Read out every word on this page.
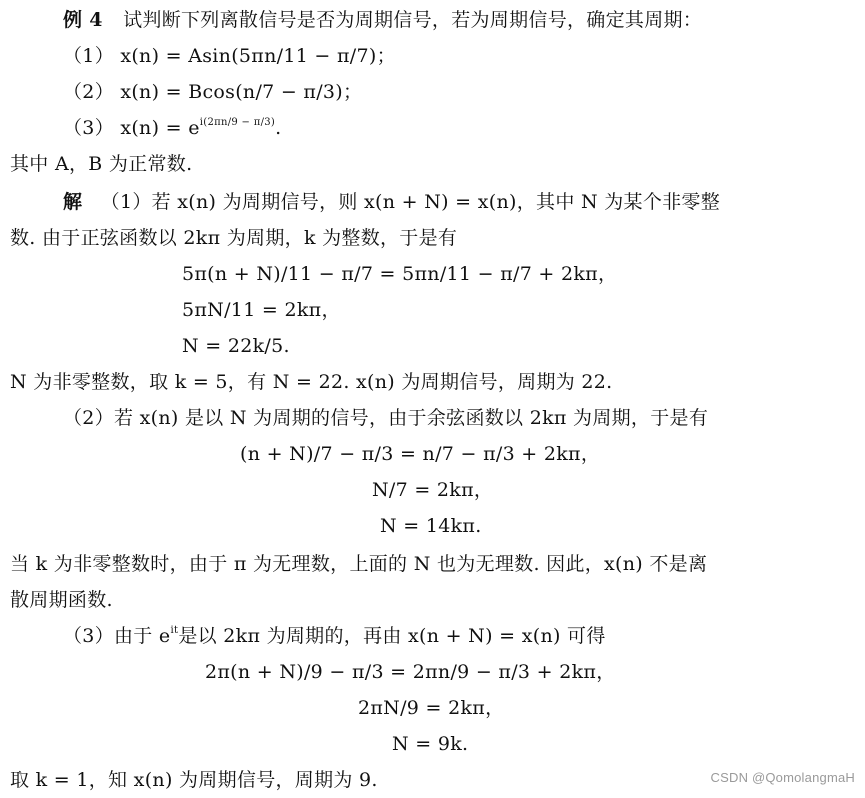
例 4 试判断下列离散信号是否为周期信号，若为周期信号，确定其周期：
（1） x(n) = Asin(5πn/11 − π/7)；
（2） x(n) = Bcos(n/7 − π/3)；
（3） $x(n) = e^{i(2\pi n/9 - \pi/3)}$.
其中 A，B 为正常数.
解 （1）若 x(n) 为周期信号，则 x(n + N) = x(n)，其中 N 为某个非零整
数. 由于正弦函数以 2kπ 为周期，k 为整数，于是有
5π(n + N)/11 − π/7 = 5πn/11 − π/7 + 2kπ，
5πN/11 = 2kπ，
N = 22k/5.
N 为非零整数，取 k = 5，有 N = 22. x(n) 为周期信号，周期为 22.
（2）若 x(n) 是以 N 为周期的信号，由于余弦函数以 2kπ 为周期，于是有
(n + N)/7 − π/3 = n/7 − π/3 + 2kπ，
N/7 = 2kπ，
N = 14kπ.
当 k 为非零整数时，由于 π 为无理数，上面的 N 也为无理数. 因此，x(n) 不是离
散周期函数.
（3）由于 $e^{it}$是以 2kπ 为周期的，再由 x(n + N) = x(n) 可得
2π(n + N)/9 − π/3 = 2πn/9 − π/3 + 2kπ，
2πN/9 = 2kπ，
N = 9k.
取 k = 1，知 x(n) 为周期信号，周期为 9.	CSDN @QomolangmaH
